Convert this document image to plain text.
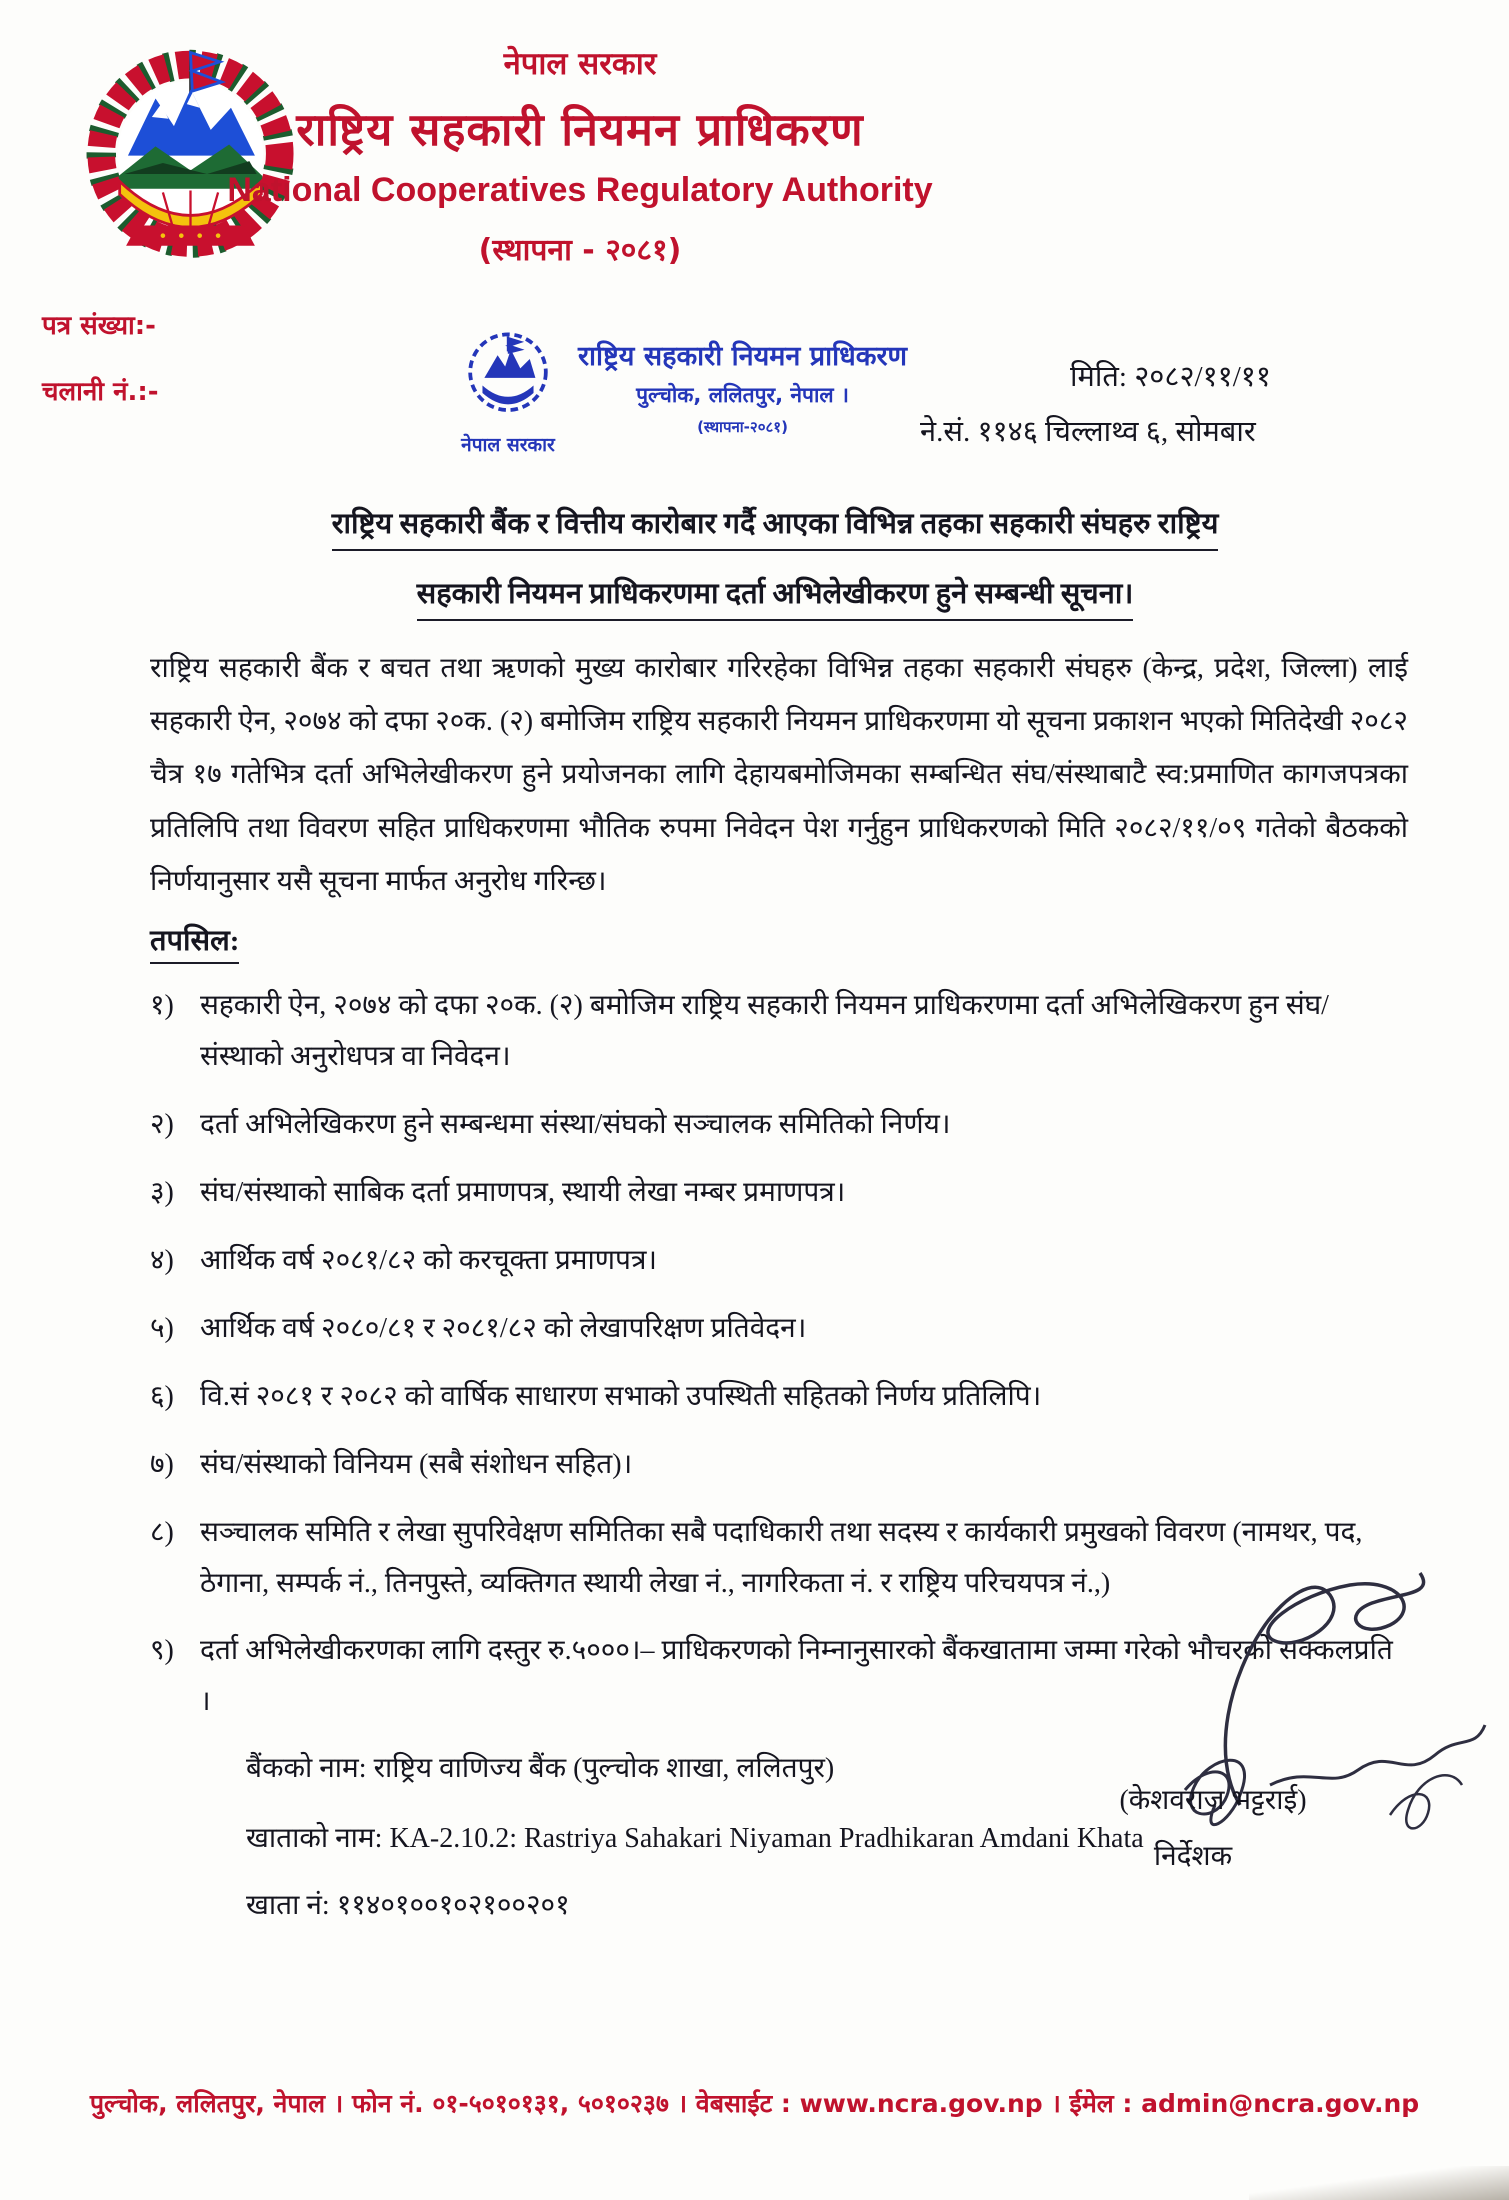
नेपाल सरकार
राष्ट्रिय सहकारी नियमन प्राधिकरण
National Cooperatives Regulatory Authority
(स्थापना - २०८१)
पत्र संख्या:-
चलानी नं.:-
नेपाल सरकार
राष्ट्रिय सहकारी नियमन प्राधिकरण
पुल्चोक, ललितपुर, नेपाल ।
(स्थापना-२०८१)
मिति: २०८२/११/११
ने.सं. ११४६ चिल्लाथ्व ६, सोमबार
राष्ट्रिय सहकारी बैंक र वित्तीय कारोबार गर्दै आएका विभिन्न तहका सहकारी संघहरु राष्ट्रिय
सहकारी नियमन प्राधिकरणमा दर्ता अभिलेखीकरण हुने सम्बन्धी सूचना।
राष्ट्रिय सहकारी बैंक र बचत तथा ऋणको मुख्य कारोबार गरिरहेका विभिन्न तहका सहकारी संघहरु (केन्द्र, प्रदेश, जिल्ला) लाई सहकारी ऐन, २०७४ को दफा २०क. (२) बमोजिम राष्ट्रिय सहकारी नियमन प्राधिकरणमा यो सूचना प्रकाशन भएको मितिदेखी २०८२ चैत्र १७ गतेभित्र दर्ता अभिलेखीकरण हुने प्रयोजनका लागि देहायबमोजिमका सम्बन्धित संघ/संस्थाबाटै स्व:प्रमाणित कागजपत्रका प्रतिलिपि तथा विवरण सहित प्राधिकरणमा भौतिक रुपमा निवेदन पेश गर्नुहुन प्राधिकरणको मिति २०८२/११/०९ गतेको बैठकको निर्णयानुसार यसै सूचना मार्फत अनुरोध गरिन्छ।
तपसिल:
१) सहकारी ऐन, २०७४ को दफा २०क. (२) बमोजिम राष्ट्रिय सहकारी नियमन प्राधिकरणमा दर्ता अभिलेखिकरण हुन संघ/संस्थाको अनुरोधपत्र वा निवेदन।
२) दर्ता अभिलेखिकरण हुने सम्बन्धमा संस्था/संघको सञ्चालक समितिको निर्णय।
३) संघ/संस्थाको साबिक दर्ता प्रमाणपत्र, स्थायी लेखा नम्बर प्रमाणपत्र।
४) आर्थिक वर्ष २०८१/८२ को करचूक्ता प्रमाणपत्र।
५) आर्थिक वर्ष २०८०/८१ र २०८१/८२ को लेखापरिक्षण प्रतिवेदन।
६) वि.सं २०८१ र २०८२ को वार्षिक साधारण सभाको उपस्थिती सहितको निर्णय प्रतिलिपि।
७) संघ/संस्थाको विनियम (सबै संशोधन सहित)।
८) सञ्चालक समिति र लेखा सुपरिवेक्षण समितिका सबै पदाधिकारी तथा सदस्य र कार्यकारी प्रमुखको विवरण (नामथर, पद, ठेगाना, सम्पर्क नं., तिनपुस्ते, व्यक्तिगत स्थायी लेखा नं., नागरिकता नं. र राष्ट्रिय परिचयपत्र नं.,)
९) दर्ता अभिलेखीकरणका लागि दस्तुर रु.५०००।– प्राधिकरणको निम्नानुसारको बैंकखातामा जम्मा गरेको भौचरको सक्कलप्रति ।
बैंकको नाम: राष्ट्रिय वाणिज्य बैंक (पुल्चोक शाखा, ललितपुर)
खाताको नाम: KA-2.10.2: Rastriya Sahakari Niyaman Pradhikaran Amdani Khata
खाता नं: ११४०१००१०२१००२०१
(केशवराज भट्टराई)
निर्देशक
पुल्चोक, ललितपुर, नेपाल । फोन नं. ०१-५०१०१३१, ५०१०२३७ । वेबसाईट : www.ncra.gov.np । ईमेल : admin@ncra.gov.np
